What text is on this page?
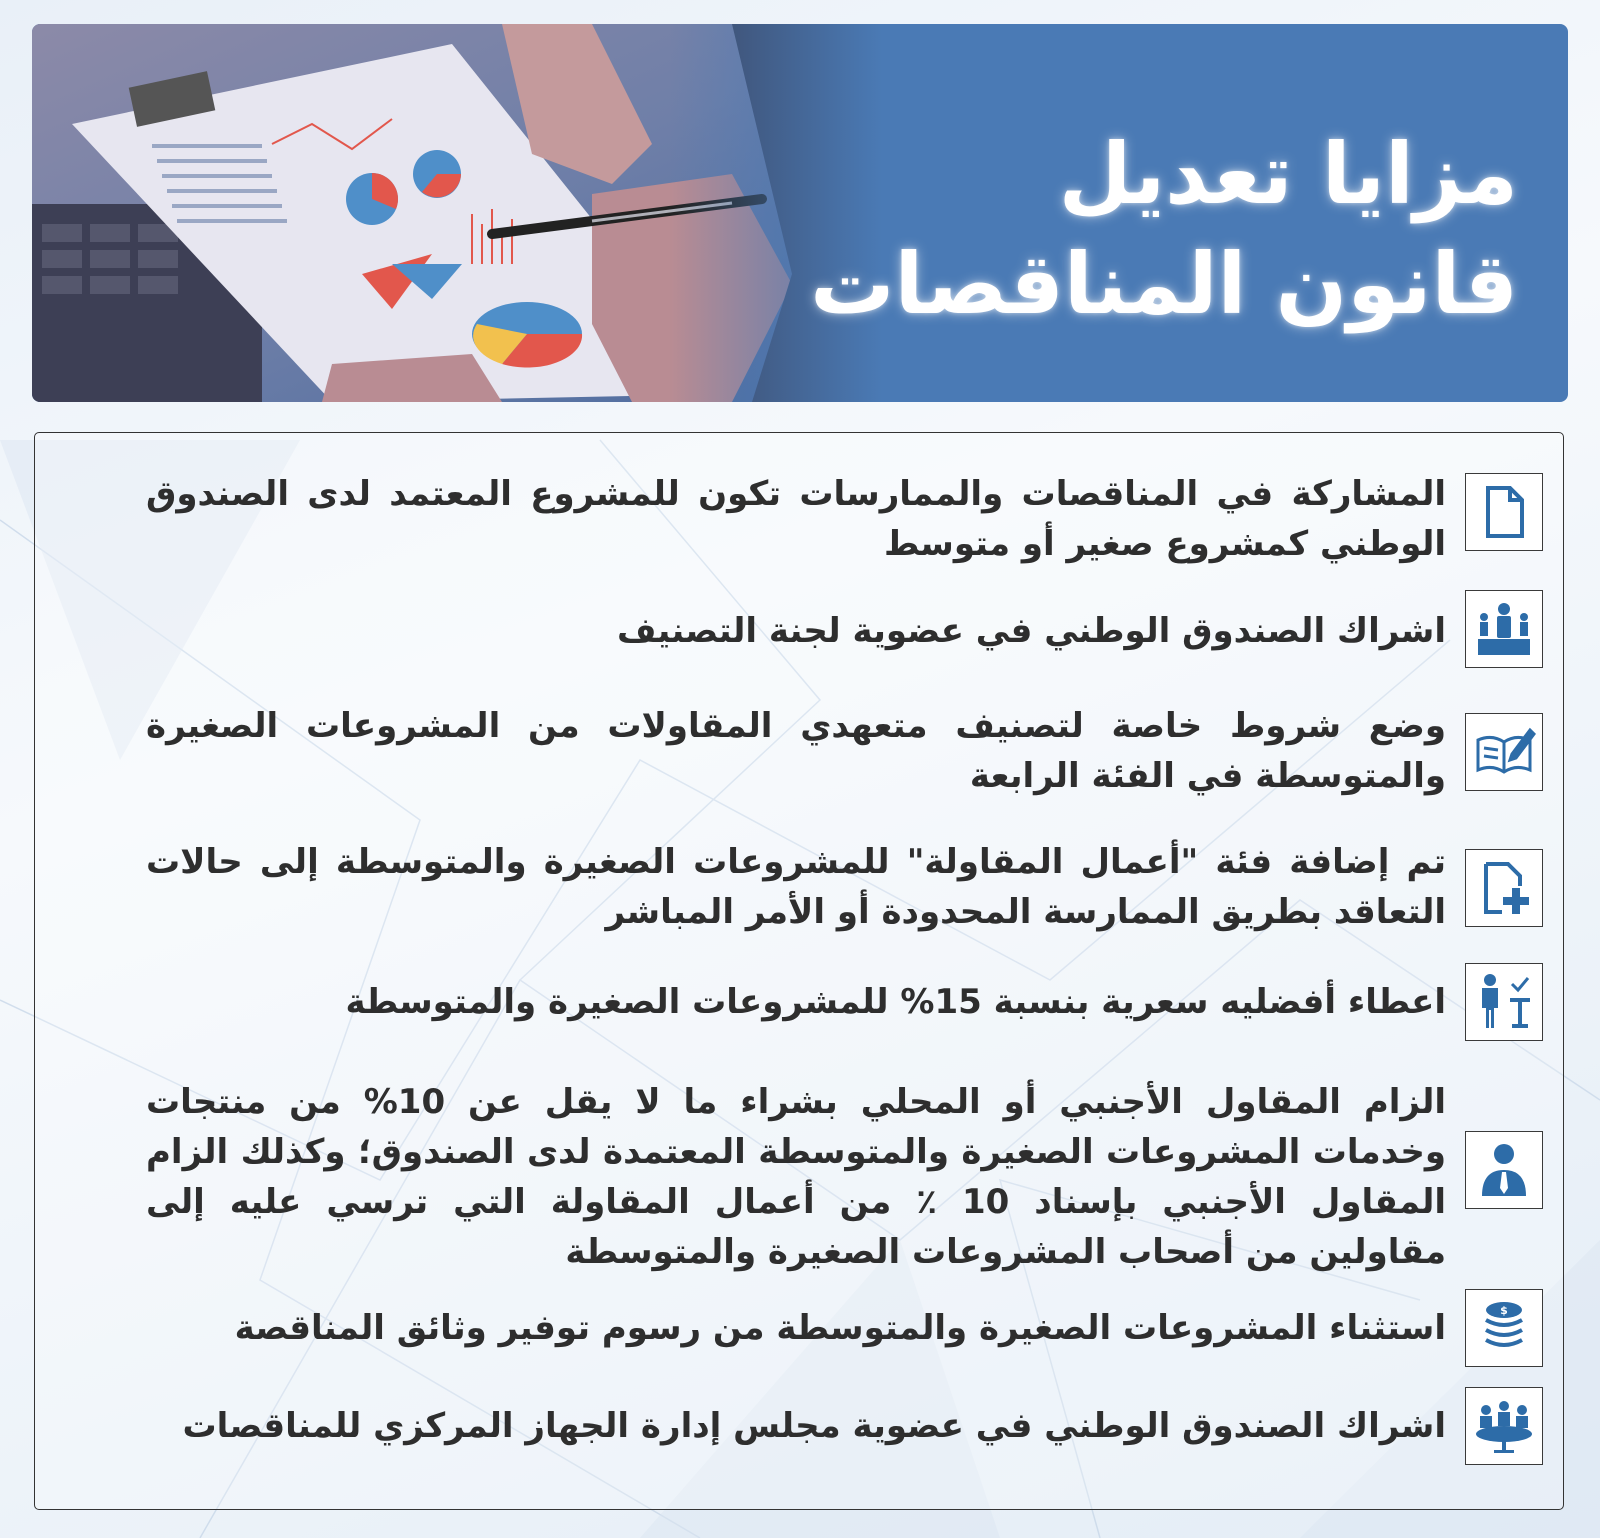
مزايا تعديل
قانون المناقصات
المشاركة في المناقصات والممارسات تكون للمشروع المعتمد لدى الصندوق الوطني كمشروع صغير أو متوسط
اشراك الصندوق الوطني في عضوية لجنة التصنيف
وضع شروط خاصة لتصنيف متعهدي المقاولات من المشروعات الصغيرة والمتوسطة في الفئة الرابعة
تم إضافة فئة "أعمال المقاولة" للمشروعات الصغيرة والمتوسطة إلى حالات التعاقد بطريق الممارسة المحدودة أو الأمر المباشر
اعطاء أفضليه سعرية بنسبة 15% للمشروعات الصغيرة والمتوسطة
الزام المقاول الأجنبي أو المحلي بشراء ما لا يقل عن 10% من منتجات وخدمات المشروعات الصغيرة والمتوسطة المعتمدة لدى الصندوق؛ وكذلك الزام المقاول الأجنبي بإسناد 10 ٪ من أعمال المقاولة التي ترسي عليه إلى مقاولين من أصحاب المشروعات الصغيرة والمتوسطة
$
استثناء المشروعات الصغيرة والمتوسطة من رسوم توفير وثائق المناقصة
اشراك الصندوق الوطني في عضوية مجلس إدارة الجهاز المركزي للمناقصات
